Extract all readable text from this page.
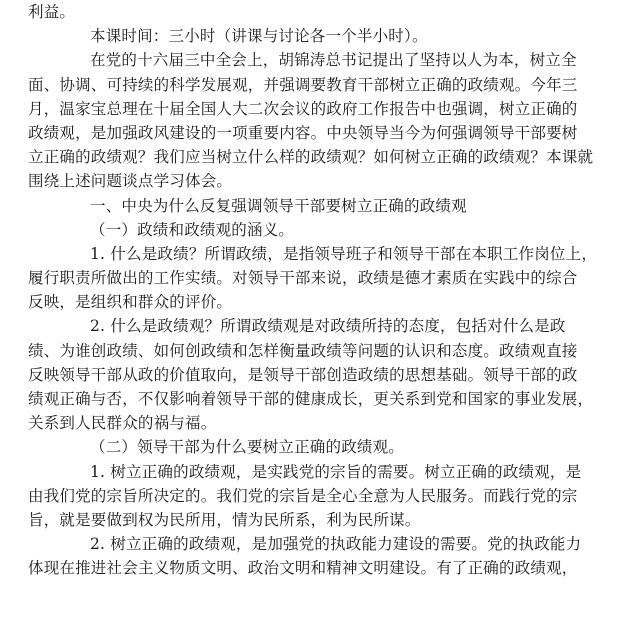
利益。
本课时间：三小时（讲课与讨论各一个半小时）。
在党的十六届三中全会上，胡锦涛总书记提出了坚持以人为本，树立全
面、协调、可持续的科学发展观，并强调要教育干部树立正确的政绩观。今年三
月，温家宝总理在十届全国人大二次会议的政府工作报告中也强调，树立正确的
政绩观，是加强政风建设的一项重要内容。中央领导当今为何强调领导干部要树
立正确的政绩观？我们应当树立什么样的政绩观？如何树立正确的政绩观？本课就
围绕上述问题谈点学习体会。
一、中央为什么反复强调领导干部要树立正确的政绩观
（一）政绩和政绩观的涵义。
1. 什么是政绩？所谓政绩，是指领导班子和领导干部在本职工作岗位上，
履行职责所做出的工作实绩。对领导干部来说，政绩是德才素质在实践中的综合
反映，是组织和群众的评价。
2. 什么是政绩观？所谓政绩观是对政绩所持的态度，包括对什么是政
绩、为谁创政绩、如何创政绩和怎样衡量政绩等问题的认识和态度。政绩观直接
反映领导干部从政的价值取向，是领导干部创造政绩的思想基础。领导干部的政
绩观正确与否，不仅影响着领导干部的健康成长，更关系到党和国家的事业发展，
关系到人民群众的祸与福。
（二）领导干部为什么要树立正确的政绩观。
1. 树立正确的政绩观，是实践党的宗旨的需要。树立正确的政绩观，是
由我们党的宗旨所决定的。我们党的宗旨是全心全意为人民服务。而践行党的宗
旨，就是要做到权为民所用，情为民所系，利为民所谋。
2. 树立正确的政绩观，是加强党的执政能力建设的需要。党的执政能力
体现在推进社会主义物质文明、政治文明和精神文明建设。有了正确的政绩观，
